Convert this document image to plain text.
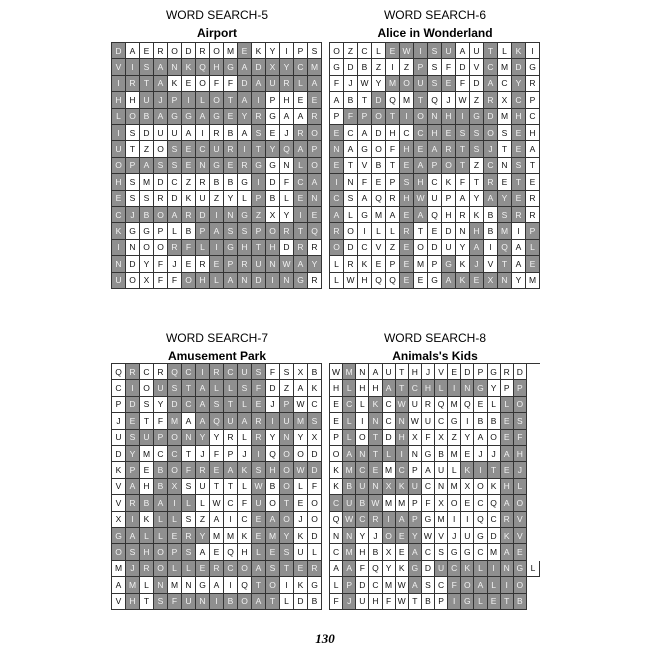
WORD SEARCH-5
Airport
D A E R O D R O M E K Y	I	P S
V	I	S A N K Q H G A D X Y C M
I	R T	A K E O F	F D A U R	L	A
H H U	J	P	I	L O T	A	I	P H E E
L O B A G G A G E Y R G A A R
I	S D U U A	I	R B A S E	J	R O
U T	Z O S E C U R	I	T	Y Q A P
O P A S S E N G E R G G N	L O
H S M D C Z R B B G	I	D F C A
E S S R D K U Z	Y	L	P B	L	E N
C	J	B O A R D	I	N G Z	X Y	I	E
K G G P	L	B P A S S P O R T Q
I	N O O R F	L	I	G H T H D R R
N D Y	F	J	E R E P R U N W A Y
U O X	F	F O H	L	A N D	I	N G R
WORD SEARCH-6
Alice in Wonderland
O Z C	L	E W	I	S U A U T	L	K	I
G D B	Z	I	Z	P S	F D V C M D G
F	J W Y M O U S E	F D A C Y R
A B	T D Q M T Q	J W Z R X C P
P	F	P O T	I	O N H	I	G D M H C
E C A D H C C H E S S O S E H
N A G O F H E A R T	S	J	T	E A
E	T	V B	T	E A P O T	Z C N S	T
I	N F	E P S H C K	F	T R E	T	E
C S A Q R H W U P A Y A Y E R
A	L G M A E A Q H R K B S R R
R O	I	L	L	R T	E D N H B M	I	P
O D C V	Z	E O D U Y A	I	Q A	L
L	R K E P E M P G K	J	V	T	A E
L W H Q Q E E G A K E X N Y M
WORD SEARCH-7
Amusement Park
Q R C R Q C	I	R C U S	F	S X B
C	I	O U S	T	A	L	L	S	F D Z	A K
P D S Y D C A S	T	L	E	J	P W C
J	E	T	F M A A Q U A R	I	U M S
U S U P O N Y Y R	L	R Y N Y X
D Y M C C T	J	F	P	J	I	Q O O D
K P E B O F R E A K S H O W D
V A H B X S U T	T	L W B O L	F
V R B A	I	L	L W C F U O T	E O
X	I	K	L	L	S	Z	A	I	C E A O	J	O
G A	L	L	E R Y M M K E M Y K D
O S H O P S A E Q H	L	E S U	L
M J	R O L	L	E R C O A S	T	E R
A M L	N M N G A	I	Q T O	I	K G
V H T	S	F U N	I	B O A	T	L	D B
WORD SEARCH-8
Animals's Kids
W M N A U T H J V E D P G R D
H L H H A T C H L	I	N G Y P P
E C L K C W U R Q M Q E L L O
E L	I	N C N W U C G	I	B B E S
P L O T D H X F X Z Y A O E F
O A N T L	I	N G B M E J	J A H
K M C E M C P A U L K	I	T E J
K B U N X K U C N M X O K H L
C U B W M M P F X O E C Q A O
Q W C R	I	A P G M I	I	Q C R V
N N Y J O E Y W V J U G D K V
C M H B X E A C S G G C M A E
A A F Q Y K G D U C K L	I	N G L
L P D C M W A S C F O A L	I	O
F J U H F W T B P	I	G L E T B
130
